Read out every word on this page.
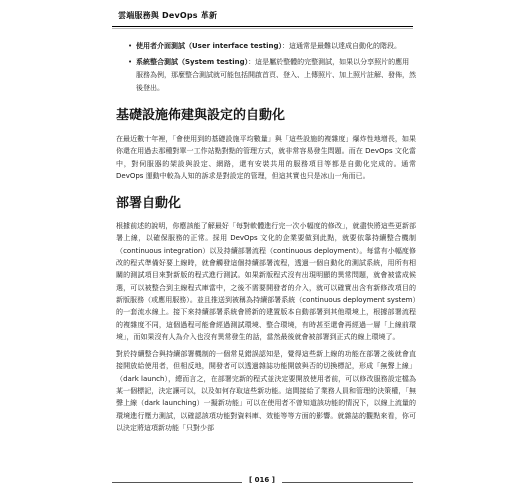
雲端服務與 DevOps 革新
• 使用者介面測試（User interface testing）：這通常是最難以達成自動化的階段。
• 系統整合測試（System testing）：這是屬於整體的完整測試，如果以分享照片的應用服務為例，那麼整合測試就可能包括開啟首頁、登入、上傳照片、加上照片註解、發佈，然後登出。
基礎設施佈建與設定的自動化

在最近數十年裡，「會使用到的基礎設施平均數量」與「這些設施的複雜度」爆炸性地增長，如果你還在用過去那種對單一工作站點對點的管理方式，就非常容易發生問題。而在 DevOps 文化當中，對伺服器的架設與設定、網路，還有安裝共用的服務項目等都是自動化完成的。通常 DevOps 運動中較為人知的訴求是對設定的管理，但這其實也只是冰山一角而已。

部署自動化

根據前述的說明，你應該能了解最好「每對軟體進行完一次小幅度的修改」，就盡快將這些更新部署上線，以確保服務的正常。採用 DevOps 文化的企業要做到此點，就要依靠持續整合機制（continuous integration）以及持續部署流程（continuous deployment）。每當有小幅度修改的程式準備好要上線時，就會觸發這個持續部署流程，透過一個自動化的測試系統，用所有相關的測試項目來對新版的程式進行測試。如果新版程式沒有出現明顯的異常問題，就會被當成候選，可以被整合到主線程式庫當中，之後不需要開發者的介入，就可以確實出含有新修改項目的新版服務（或應用服務）。並且推送到被稱為持續部署系統（continuous deployment system）的一套流水線上。接下來持續部署系統會將新的建置版本自動部署到其他環境上，根據部署流程的複雜度不同，這個過程可能會經過測試環境、整合環境，有時甚至還會再經過一層「上線前環境」，而如果沒有人為介入也沒有異常發生的話，當然最後就會被部署到正式的線上環境了。

對於持續整合與持續部署機制的一個常見錯誤認知是，覺得這些新上線的功能在部署之後就會直接開放給使用者，但相反地，開發者可以透過雜誌功能開啟與否的切換標記，形成「無聲上線」（dark launch），總而言之，在部署完新的程式並決定要開放使用者前，可以修改服務設定檔為某一個標記，決定讓可以，以及如何存取這些新功能。這間接給了業務人員和管理的決策權，「無聲上線（dark launching）一擬新功能」可以在使用者不曾知道該功能的情況下，以線上流量的環境進行壓力測試，以確認該項功能對資料庫、效能等等方面的影響。就雜誌的觀點來看，你可以決定將這項新功能「只對少部

[ 016 ]
